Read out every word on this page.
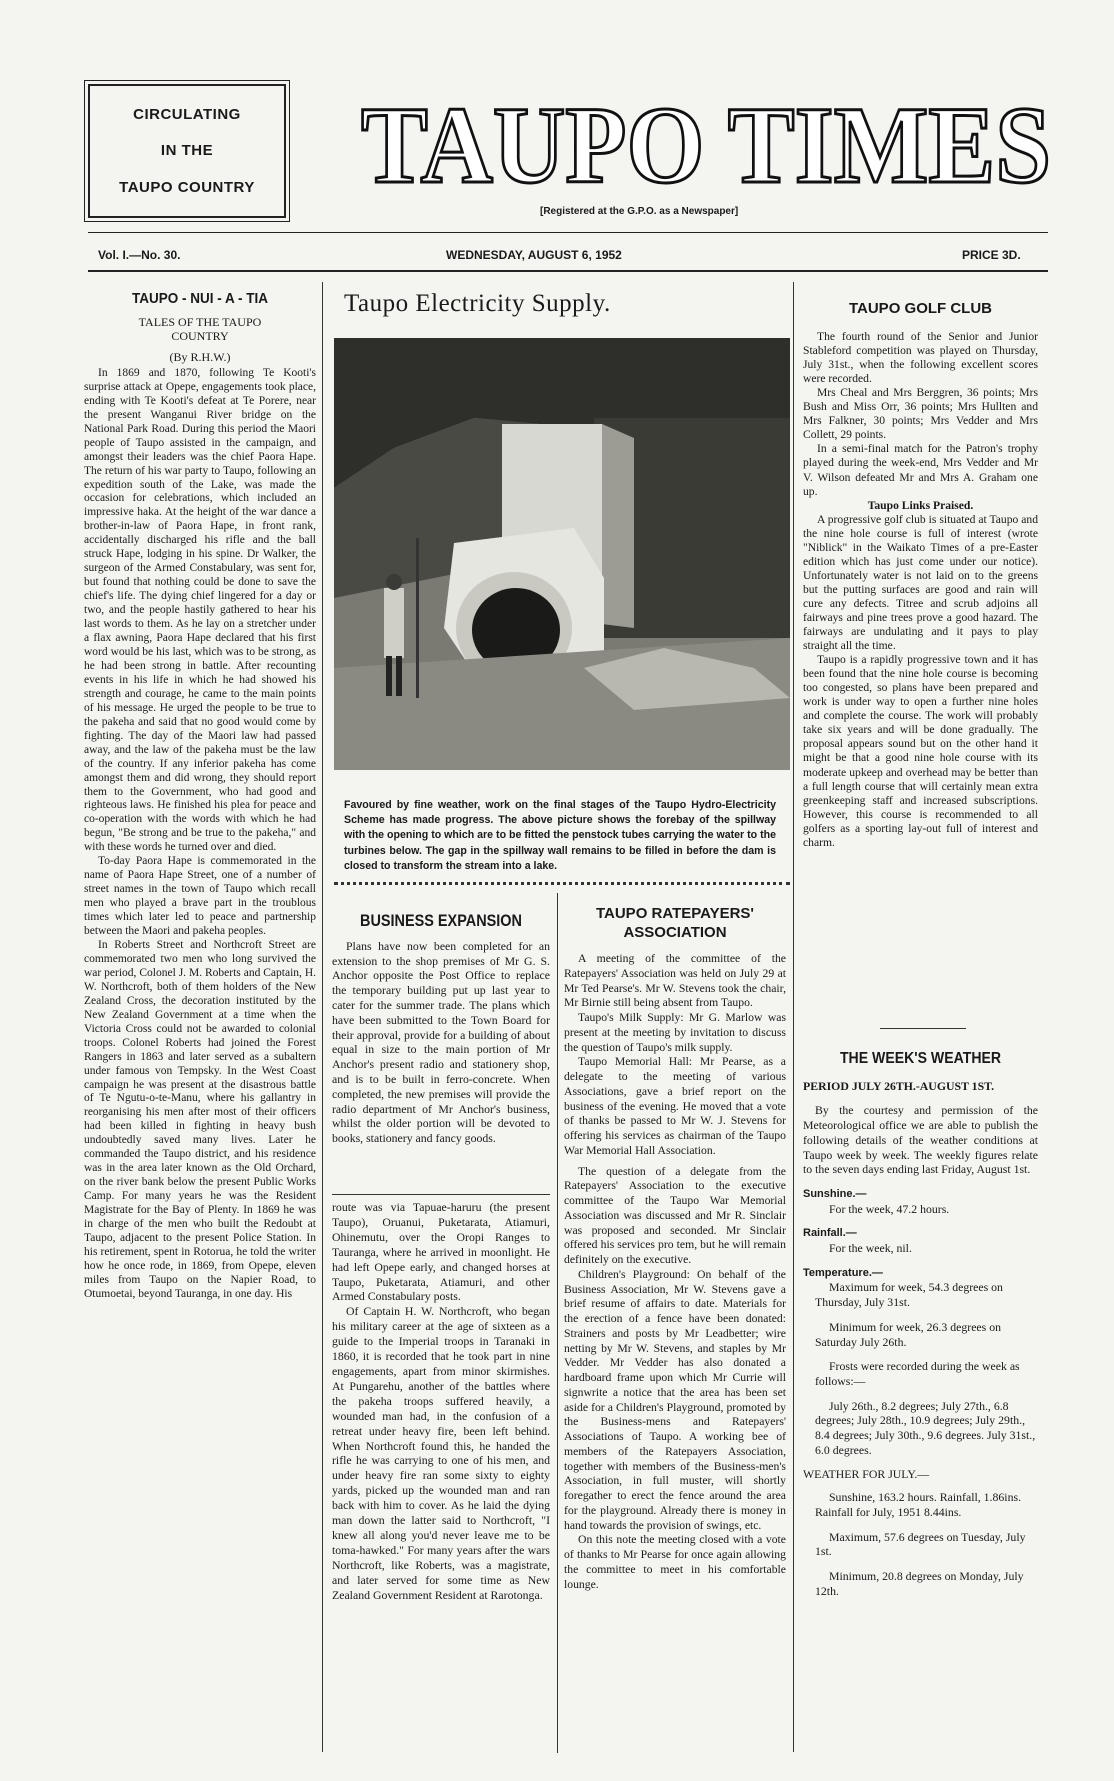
CIRCULATING
IN THE
TAUPO COUNTRY TAUPO TIMES
[Registered at the G.P.O. as a Newspaper]
Vol. I.—No. 30.	WEDNESDAY, AUGUST 6, 1952	PRICE 3D.
TAUPO - NUI - A - TIA
TALES OF THE TAUPO COUNTRY
(By R.H.W.)

In 1869 and 1870, following Te Kooti's surprise attack at Opepe, engagements took place, ending with Te Kooti's defeat at Te Porere, near the present Wanganui River bridge on the National Park Road. During this period the Maori people of Taupo assisted in the campaign, and amongst their leaders was the chief Paora Hape. The return of his war party to Taupo, following an expedition south of the Lake, was made the occasion for celebrations, which included an impressive haka. At the height of the war dance a brother-in-law of Paora Hape, in front rank, accidentally discharged his rifle and the ball struck Hape, lodging in his spine. Dr Walker, the surgeon of the Armed Constabulary, was sent for, but found that nothing could be done to save the chief's life. The dying chief lingered for a day or two, and the people hastily gathered to hear his last words to them. As he lay on a stretcher under a flax awning, Paora Hape declared that his first word would be his last, which was to be strong, as he had been strong in battle. After recounting events in his life in which he had showed his strength and courage, he came to the main points of his message. He urged the people to be true to the pakeha and said that no good would come by fighting. The day of the Maori law had passed away, and the law of the pakeha must be the law of the country. If any inferior pakeha has come amongst them and did wrong, they should report them to the Government, who had good and righteous laws. He finished his plea for peace and co-operation with the words with which he had begun, "Be strong and be true to the pakeha," and with these words he turned over and died.

To-day Paora Hape is commemorated in the name of Paora Hape Street, one of a number of street names in the town of Taupo which recall men who played a brave part in the troublous times which later led to peace and partnership between the Maori and pakeha peoples.

In Roberts Street and Northcroft Street are commemorated two men who long survived the war period, Colonel J. M. Roberts and Captain, H. W. Northcroft, both of them holders of the New Zealand Cross, the decoration instituted by the New Zealand Government at a time when the Victoria Cross could not be awarded to colonial troops. Colonel Roberts had joined the Forest Rangers in 1863 and later served as a subaltern under famous von Tempsky. In the West Coast campaign he was present at the disastrous battle of Te Ngutu-o-te-Manu, where his gallantry in reorganising his men after most of their officers had been killed in fighting in heavy bush undoubtedly saved many lives. Later he commanded the Taupo district, and his residence was in the area later known as the Old Orchard, on the river bank below the present Public Works Camp. For many years he was the Resident Magistrate for the Bay of Plenty. In 1869 he was in charge of the men who built the Redoubt at Taupo, adjacent to the present Police Station. In his retirement, spent in Rotorua, he told the writer how he once rode, in 1869, from Opepe, eleven miles from Taupo on the Napier Road, to Otumoetai, beyond Tauranga, in one day. His

Taupo Electricity Supply.
Favoured by fine weather, work on the final stages of the Taupo Hydro-Electricity Scheme has made progress. The above picture shows the forebay of the spillway with the opening to which are to be fitted the penstock tubes carrying the water to the turbines below. The gap in the spillway wall remains to be filled in before the dam is closed to transform the stream into a lake.
BUSINESS EXPANSION

Plans have now been completed for an extension to the shop premises of Mr G. S. Anchor opposite the Post Office to replace the temporary building put up last year to cater for the summer trade. The plans which have been submitted to the Town Board for their approval, provide for a building of about equal in size to the main portion of Mr Anchor's present radio and stationery shop, and is to be built in ferro-concrete. When completed, the new premises will provide the radio department of Mr Anchor's business, whilst the older portion will be devoted to books, stationery and fancy goods.

route was via Tapuae-haruru (the present Taupo), Oruanui, Puketarata, Atiamuri, Ohinemutu, over the Oropi Ranges to Tauranga, where he arrived in moonlight. He had left Opepe early, and changed horses at Taupo, Puketarata, Atiamuri, and other Armed Constabulary posts.

Of Captain H. W. Northcroft, who began his military career at the age of sixteen as a guide to the Imperial troops in Taranaki in 1860, it is recorded that he took part in nine engagements, apart from minor skirmishes. At Pungarehu, another of the battles where the pakeha troops suffered heavily, a wounded man had, in the confusion of a retreat under heavy fire, been left behind. When Northcroft found this, he handed the rifle he was carrying to one of his men, and under heavy fire ran some sixty to eighty yards, picked up the wounded man and ran back with him to cover. As he laid the dying man down the latter said to Northcroft, "I knew all along you'd never leave me to be toma-hawked." For many years after the wars Northcroft, like Roberts, was a magistrate, and later served for some time as New Zealand Government Resident at Rarotonga.

TAUPO RATEPAYERS' ASSOCIATION

A meeting of the committee of the Ratepayers' Association was held on July 29 at Mr Ted Pearse's. Mr W. Stevens took the chair, Mr Birnie still being absent from Taupo.

Taupo's Milk Supply: Mr G. Marlow was present at the meeting by invitation to discuss the question of Taupo's milk supply.

Taupo Memorial Hall: Mr Pearse, as a delegate to the meeting of various Associations, gave a brief report on the business of the evening. He moved that a vote of thanks be passed to Mr W. J. Stevens for offering his services as chairman of the Taupo War Memorial Hall Association.

The question of a delegate from the Ratepayers' Association to the executive committee of the Taupo War Memorial Association was discussed and Mr R. Sinclair was proposed and seconded. Mr Sinclair offered his services pro tem, but he will remain definitely on the executive.

Children's Playground: On behalf of the Business Association, Mr W. Stevens gave a brief resume of affairs to date. Materials for the erection of a fence have been donated: Strainers and posts by Mr Leadbetter; wire netting by Mr W. Stevens, and staples by Mr Vedder. Mr Vedder has also donated a hardboard frame upon which Mr Currie will signwrite a notice that the area has been set aside for a Children's Playground, promoted by the Business-mens and Ratepayers' Associations of Taupo. A working bee of members of the Ratepayers Association, together with members of the Business-men's Association, in full muster, will shortly foregather to erect the fence around the area for the playground. Already there is money in hand towards the provision of swings, etc.

On this note the meeting closed with a vote of thanks to Mr Pearse for once again allowing the committee to meet in his comfortable lounge.

TAUPO GOLF CLUB

The fourth round of the Senior and Junior Stableford competition was played on Thursday, July 31st., when the following excellent scores were recorded.

Mrs Cheal and Mrs Berggren, 36 points; Mrs Bush and Miss Orr, 36 points; Mrs Hullten and Mrs Falkner, 30 points; Mrs Vedder and Mrs Collett, 29 points.

In a semi-final match for the Patron's trophy played during the week-end, Mrs Vedder and Mr V. Wilson defeated Mr and Mrs A. Graham one up.

Taupo Links Praised.

A progressive golf club is situated at Taupo and the nine hole course is full of interest (wrote "Niblick" in the Waikato Times of a pre-Easter edition which has just come under our notice). Unfortunately water is not laid on to the greens but the putting surfaces are good and rain will cure any defects. Titree and scrub adjoins all fairways and pine trees prove a good hazard. The fairways are undulating and it pays to play straight all the time.

Taupo is a rapidly progressive town and it has been found that the nine hole course is becoming too congested, so plans have been prepared and work is under way to open a further nine holes and complete the course. The work will probably take six years and will be done gradually. The proposal appears sound but on the other hand it might be that a good nine hole course with its moderate upkeep and overhead may be better than a full length course that will certainly mean extra greenkeeping staff and increased subscriptions. However, this course is recommended to all golfers as a sporting lay-out full of interest and charm.

THE WEEK'S WEATHER
PERIOD JULY 26TH.-AUGUST 1ST.

By the courtesy and permission of the Meteorological office we are able to publish the following details of the weather conditions at Taupo week by week. The weekly figures relate to the seven days ending last Friday, August 1st.

Sunshine.—

For the week, 47.2 hours.

Rainfall.—

For the week, nil.

Temperature.—

Maximum for week, 54.3 degrees on Thursday, July 31st.

Minimum for week, 26.3 degrees on Saturday July 26th.

Frosts were recorded during the week as follows:—

July 26th., 8.2 degrees; July 27th., 6.8 degrees; July 28th., 10.9 degrees; July 29th., 8.4 degrees; July 30th., 9.6 degrees. July 31st., 6.0 degrees.

WEATHER FOR JULY.—

Sunshine, 163.2 hours. Rainfall, 1.86ins. Rainfall for July, 1951 8.44ins.

Maximum, 57.6 degrees on Tuesday, July 1st.

Minimum, 20.8 degrees on Monday, July 12th.
